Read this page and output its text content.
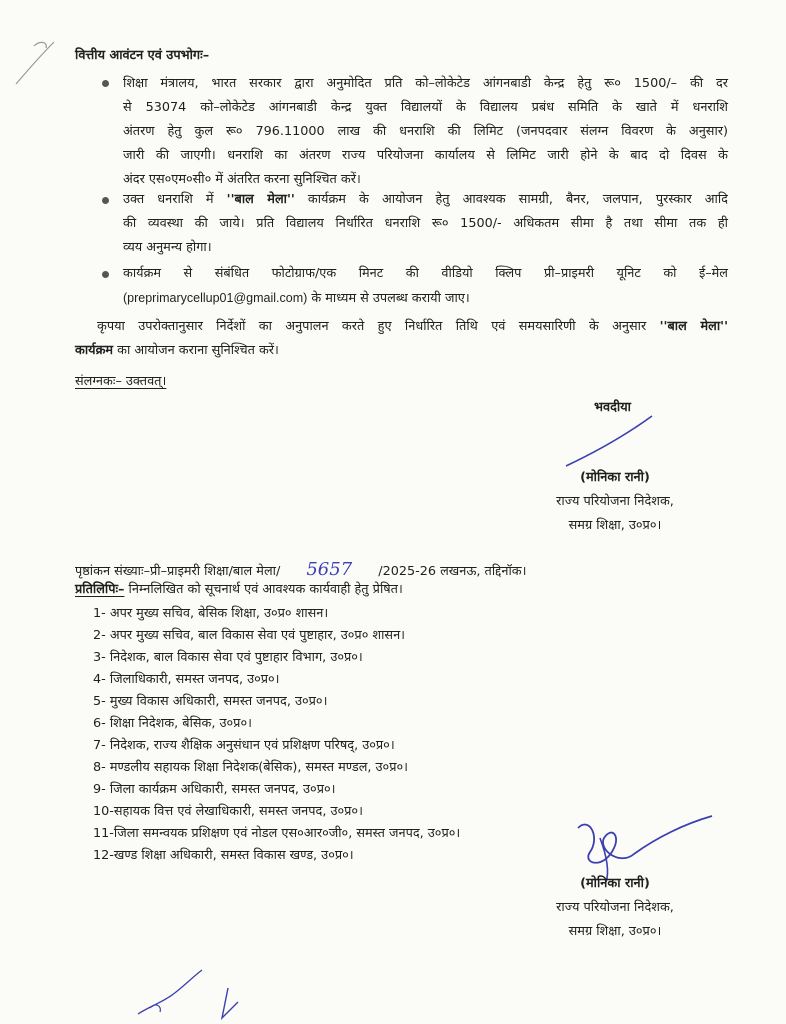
वित्तीय आवंटन एवं उपभोगः–
शिक्षा मंत्रालय, भारत सरकार द्वारा अनुमोदित प्रति को–लोकेटेड आंगनबाडी केन्द्र हेतु रू० 1500/– की दर
से 53074 को–लोकेटेड आंगनबाडी केन्द्र युक्त विद्यालयों के विद्यालय प्रबंध समिति के खाते में धनराशि
अंतरण हेतु कुल रू० 796.11000 लाख की धनराशि की लिमिट (जनपदवार संलग्न विवरण के अनुसार)
जारी की जाएगी। धनराशि का अंतरण राज्य परियोजना कार्यालय से लिमिट जारी होने के बाद दो दिवस के
अंदर एस०एम०सी० में अंतरित करना सुनिश्चित करें।
उक्त धनराशि में ''बाल मेला'' कार्यक्रम के आयोजन हेतु आवश्यक सामग्री, बैनर, जलपान, पुरस्कार आदि
की व्यवस्था की जाये। प्रति विद्यालय निर्धारित धनराशि रू० 1500/- अधिकतम सीमा है तथा सीमा तक ही
व्यय अनुमन्य होगा।
कार्यक्रम से संबंधित फोटोग्राफ/एक मिनट की वीडियो क्लिप प्री–प्राइमरी यूनिट को ई–मेल
(preprimarycellup01@gmail.com) के माध्यम से उपलब्ध करायी जाए।
कृपया उपरोक्तानुसार निर्देशों का अनुपालन करते हुए निर्धारित तिथि एवं समयसारिणी के अनुसार ''बाल मेला''
कार्यक्रम का आयोजन कराना सुनिश्चित करें।
संलग्नकः– उक्तवत्।
भवदीया
(मोनिका रानी)
राज्य परियोजना निदेशक,
समग्र शिक्षा, उ०प्र०।
पृष्ठांकन संख्याः–प्री–प्राइमरी शिक्षा/बाल मेला/ 5657 /2025-26 लखनऊ, तद्दिनॉक।
प्रतिलिपिः– निम्नलिखित को सूचनार्थ एवं आवश्यक कार्यवाही हेतु प्रेषित।
1- अपर मुख्य सचिव, बेसिक शिक्षा, उ०प्र० शासन।
2- अपर मुख्य सचिव, बाल विकास सेवा एवं पुष्टाहार, उ०प्र० शासन।
3- निदेशक, बाल विकास सेवा एवं पुष्टाहार विभाग, उ०प्र०।
4- जिलाधिकारी, समस्त जनपद, उ०प्र०।
5- मुख्य विकास अधिकारी, समस्त जनपद, उ०प्र०।
6- शिक्षा निदेशक, बेसिक, उ०प्र०।
7- निदेशक, राज्य शैक्षिक अनुसंधान एवं प्रशिक्षण परिषद्, उ०प्र०।
8- मण्डलीय सहायक शिक्षा निदेशक(बेसिक), समस्त मण्डल, उ०प्र०।
9- जिला कार्यक्रम अधिकारी, समस्त जनपद, उ०प्र०।
10-सहायक वित्त एवं लेखाधिकारी, समस्त जनपद, उ०प्र०।
11-जिला समन्वयक प्रशिक्षण एवं नोडल एस०आर०जी०, समस्त जनपद, उ०प्र०।
12-खण्ड शिक्षा अधिकारी, समस्त विकास खण्ड, उ०प्र०।
(मोनिका रानी)
राज्य परियोजना निदेशक,
समग्र शिक्षा, उ०प्र०।
